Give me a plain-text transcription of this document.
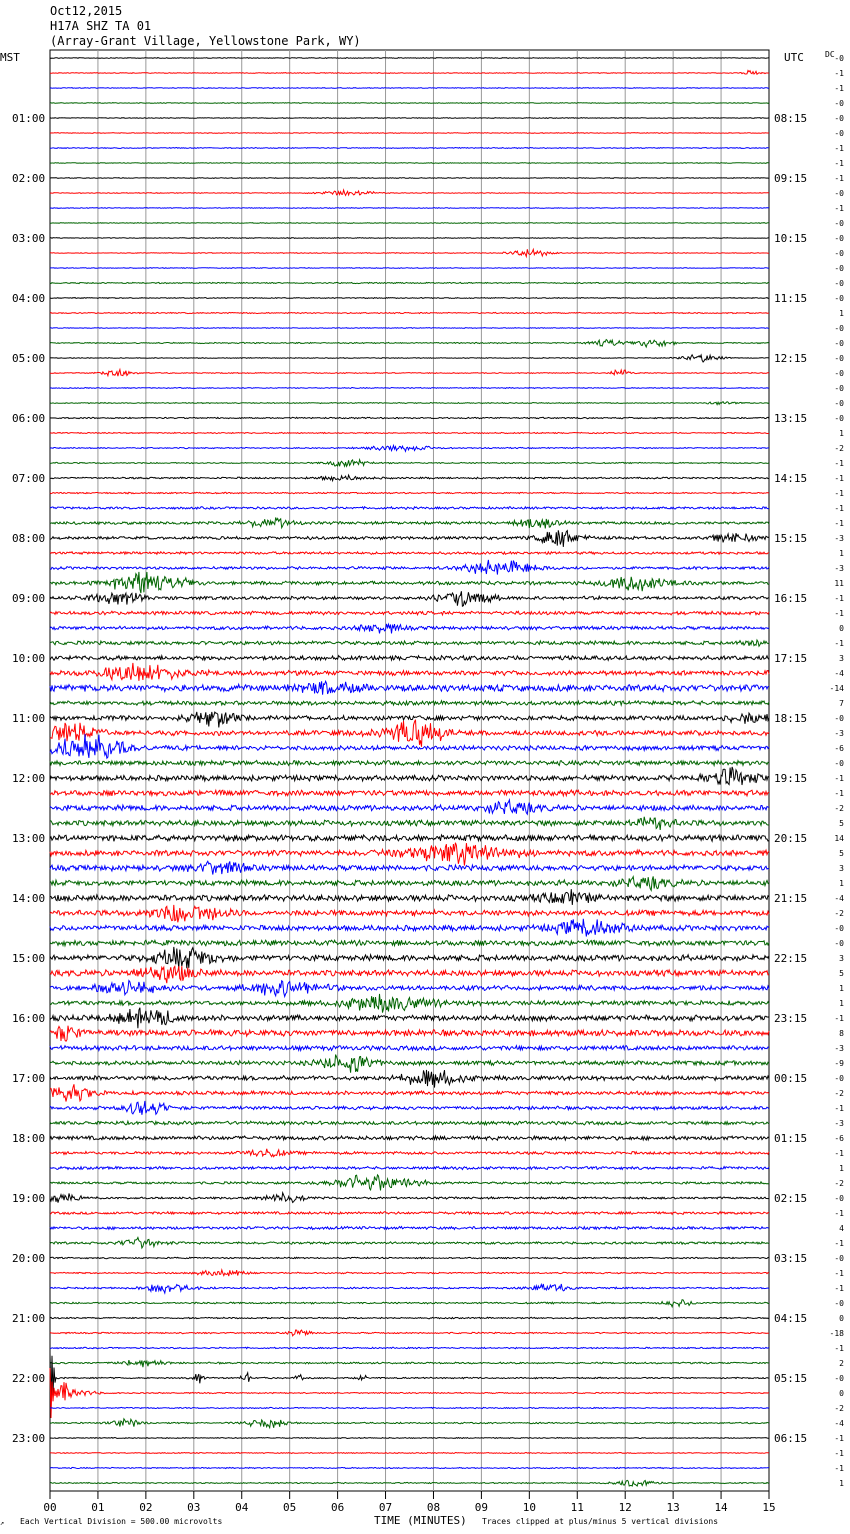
Oct12,2015
H17A SHZ TA 01
(Array-Grant Village, Yellowstone Park, WY)
01:00
02:00
03:00
04:00
05:00
06:00
07:00
08:00
09:00
10:00
11:00
12:00
13:00
14:00
15:00
16:00
17:00
18:00
19:00
20:00
21:00
22:00
23:00
08:15
09:15
10:15
11:15
12:15
13:15
14:15
15:15
16:15
17:15
18:15
19:15
20:15
21:15
22:15
23:15
00:15
01:15
02:15
03:15
04:15
05:15
06:15
-0
-1
-1
-0
-0
-0
-1
-1
-1
-0
-1
-0
-0
-0
-0
-0
-0
1
-0
-0
-0
-0
-0
-0
-0
1
-2
-1
-1
-1
-1
-1
-3
1
-3
11
-1
-1
0
-1
3
-4
-14
7
-0
-3
-6
-0
-1
-1
-2
5
14
5
3
1
-4
-2
-0
-0
3
5
1
1
-1
8
-3
-9
-0
-2
-1
-3
-6
-1
1
-2
-0
-1
4
-1
-0
-1
-1
-0
0
-18
-1
2
-0
0
-2
-4
-1
-1
-1
1
00	01	02	03	04	05	06	07	08	09	10	11	12	13	14	15
MST	UTC	DC
↗ Each Vertical Division = 500.00 microvolts	TIME (MINUTES) Traces clipped at plus/minus 5 vertical divisions
